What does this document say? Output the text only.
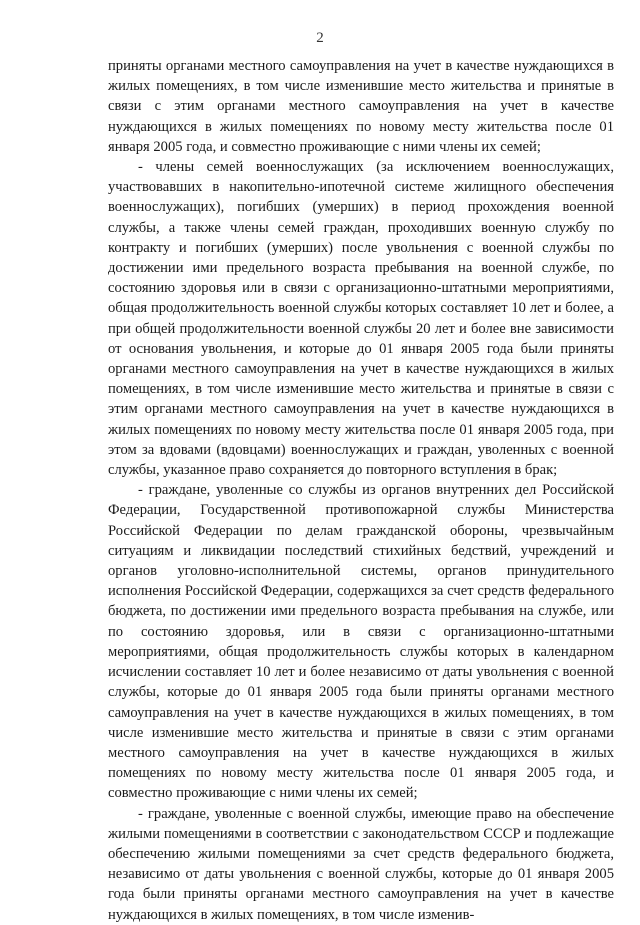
2

приняты органами местного самоуправления на учет в качестве нуждающихся в жилых помещениях, в том числе изменившие место жительства и принятые в связи с этим органами местного самоуправления на учет в качестве нуждающихся в жилых помещениях по новому месту жительства после 01 января 2005 года, и совместно проживающие с ними члены их семей;

- члены семей военнослужащих (за исключением военнослужащих, участвовавших в накопительно-ипотечной системе жилищного обеспечения военнослужащих), погибших (умерших) в период прохождения военной службы, а также члены семей граждан, проходивших военную службу по контракту и погибших (умерших) после увольнения с военной службы по достижении ими предельного возраста пребывания на военной службе, по состоянию здоровья или в связи с организационно-штатными мероприятиями, общая продолжительность военной службы которых составляет 10 лет и более, а при общей продолжительности военной службы 20 лет и более вне зависимости от основания увольнения, и которые до 01 января 2005 года были приняты органами местного самоуправления на учет в качестве нуждающихся в жилых помещениях, в том числе изменившие место жительства и принятые в связи с этим органами местного самоуправления на учет в качестве нуждающихся в жилых помещениях по новому месту жительства после 01 января 2005 года, при этом за вдовами (вдовцами) военнослужащих и граждан, уволенных с военной службы, указанное право сохраняется до повторного вступления в брак;

- граждане, уволенные со службы из органов внутренних дел Российской Федерации, Государственной противопожарной службы Министерства Российской Федерации по делам гражданской обороны, чрезвычайным ситуациям и ликвидации последствий стихийных бедствий, учреждений и органов уголовно-исполнительной системы, органов принудительного исполнения Российской Федерации, содержащихся за счет средств федерального бюджета, по достижении ими предельного возраста пребывания на службе, или по состоянию здоровья, или в связи с организационно-штатными мероприятиями, общая продолжительность службы которых в календарном исчислении составляет 10 лет и более независимо от даты увольнения с военной службы, которые до 01 января 2005 года были приняты органами местного самоуправления на учет в качестве нуждающихся в жилых помещениях, в том числе изменившие место жительства и принятые в связи с этим органами местного самоуправления на учет в качестве нуждающихся в жилых помещениях по новому месту жительства после 01 января 2005 года, и совместно проживающие с ними члены их семей;

- граждане, уволенные с военной службы, имеющие право на обеспечение жилыми помещениями в соответствии с законодательством СССР и подлежащие обеспечению жилыми помещениями за счет средств федерального бюджета, независимо от даты увольнения с военной службы, которые до 01 января 2005 года были приняты органами местного самоуправления на учет в качестве нуждающихся в жилых помещениях, в том числе изменив-
